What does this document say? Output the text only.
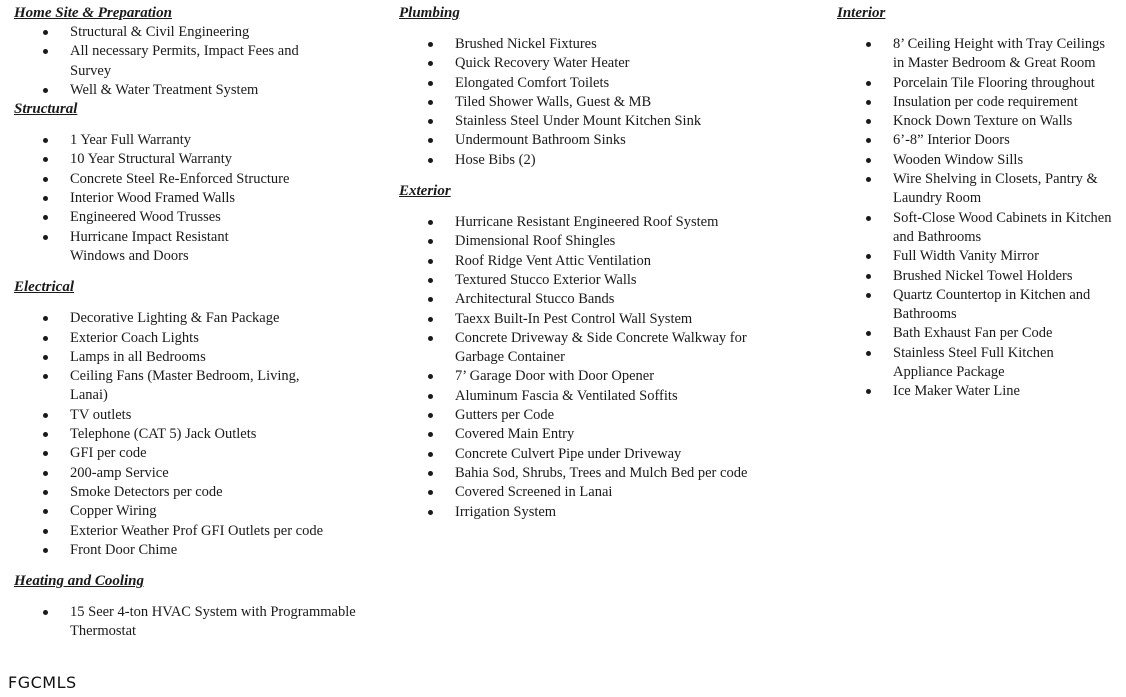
Home Site & Preparation
Structural & Civil Engineering
All necessary Permits, Impact Fees and Survey
Well & Water Treatment System
Structural
1 Year Full Warranty
10 Year Structural Warranty
Concrete Steel Re-Enforced Structure
Interior Wood Framed Walls
Engineered Wood Trusses
Hurricane Impact Resistant Windows and Doors
Electrical
Decorative Lighting & Fan Package
Exterior Coach Lights
Lamps in all Bedrooms
Ceiling Fans (Master Bedroom, Living, Lanai)
TV outlets
Telephone (CAT 5) Jack Outlets
GFI per code
200-amp Service
Smoke Detectors per code
Copper Wiring
Exterior Weather Prof GFI Outlets per code
Front Door Chime
Heating and Cooling
15 Seer 4-ton HVAC System with Programmable Thermostat
Plumbing
Brushed Nickel Fixtures
Quick Recovery Water Heater
Elongated Comfort Toilets
Tiled Shower Walls, Guest & MB
Stainless Steel Under Mount Kitchen Sink
Undermount Bathroom Sinks
Hose Bibs (2)
Exterior
Hurricane Resistant Engineered Roof System
Dimensional Roof Shingles
Roof Ridge Vent Attic Ventilation
Textured Stucco Exterior Walls
Architectural Stucco Bands
Taexx Built-In Pest Control Wall System
Concrete Driveway & Side Concrete Walkway for Garbage Container
7’ Garage Door with Door Opener
Aluminum Fascia & Ventilated Soffits
Gutters per Code
Covered Main Entry
Concrete Culvert Pipe under Driveway
Bahia Sod, Shrubs, Trees and Mulch Bed per code
Covered Screened in Lanai
Irrigation System
Interior
8’ Ceiling Height with Tray Ceilings
in Master Bedroom & Great Room
Porcelain Tile Flooring throughout
Insulation per code requirement
Knock Down Texture on Walls
6’-8” Interior Doors
Wooden Window Sills
Wire Shelving in Closets, Pantry &
Laundry Room
Soft-Close Wood Cabinets in Kitchen
and Bathrooms
Full Width Vanity Mirror
Brushed Nickel Towel Holders
Quartz Countertop in Kitchen and
Bathrooms
Bath Exhaust Fan per Code
Stainless Steel Full Kitchen
Appliance Package
Ice Maker Water Line
FGCMLS
